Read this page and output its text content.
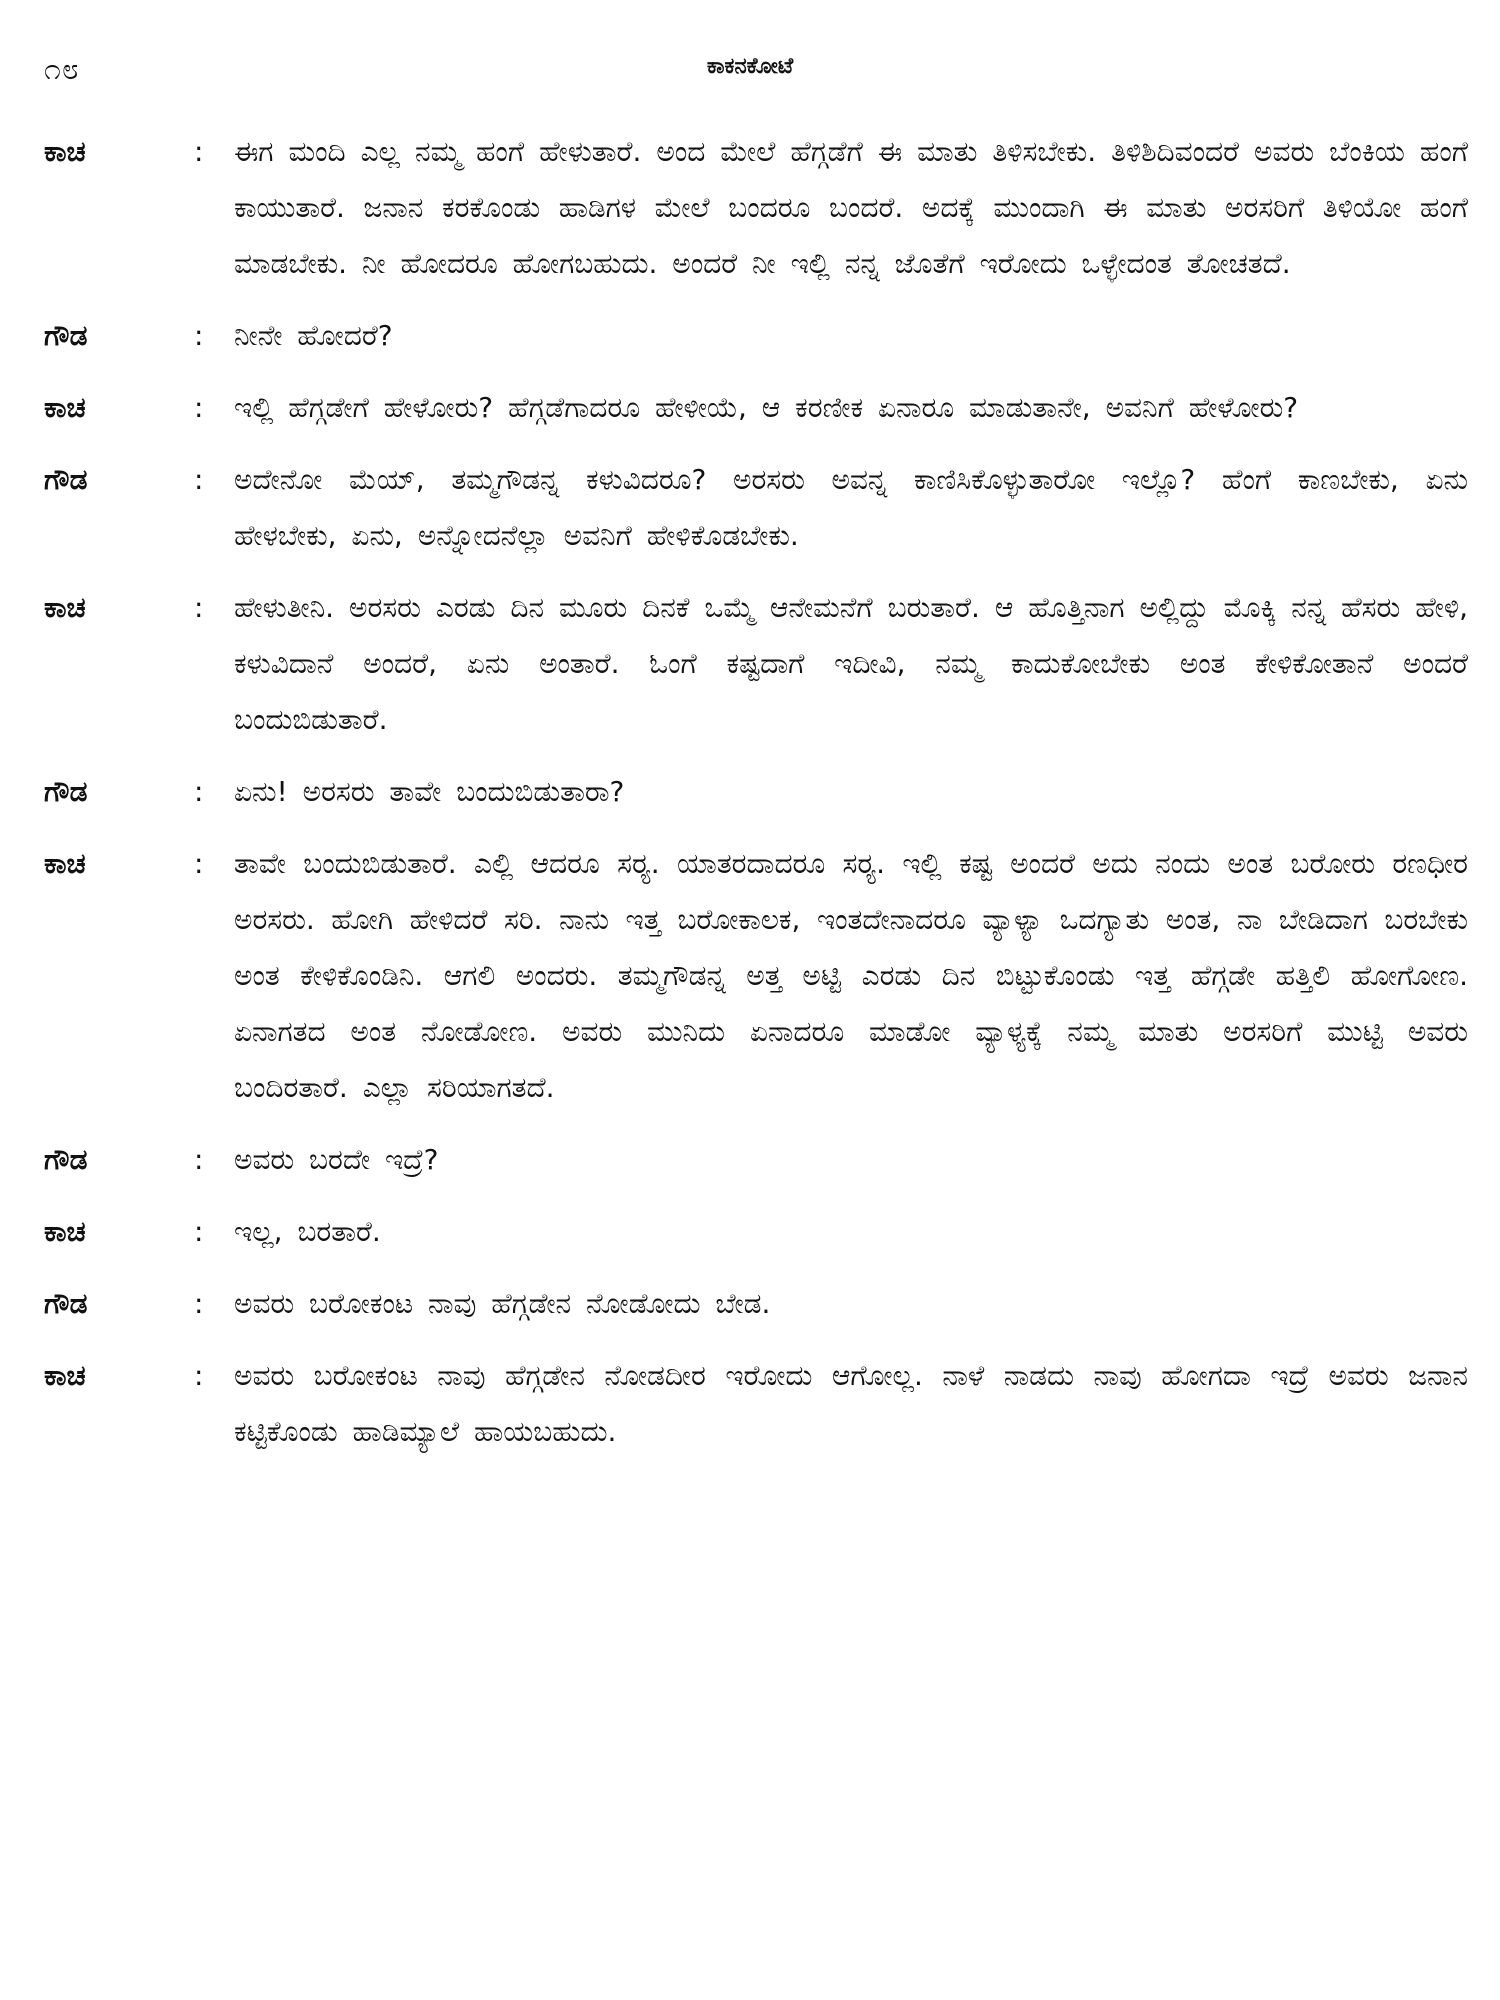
೧೮	ಕಾಕನಕೋಟೆ
ಕಾಚ	:	ಈಗ ಮಂದಿ ಎಲ್ಲ ನಮ್ಮ ಹಂಗೆ ಹೇಳುತಾರೆ. ಅಂದ ಮೇಲೆ ಹೆಗ್ಗಡೆಗೆ ಈ ಮಾತು ತಿಳಿಸಬೇಕು. ತಿಳಿಶಿದಿವಂದರೆ ಅವರು ಬೆಂಕಿಯ ಹಂಗೆ ಕಾಯುತಾರೆ. ಜನಾನ ಕರಕೊಂಡು ಹಾಡಿಗಳ ಮೇಲೆ ಬಂದರೂ ಬಂದರೆ. ಅದಕ್ಕೆ ಮುಂದಾಗಿ ಈ ಮಾತು ಅರಸರಿಗೆ ತಿಳಿಯೋ ಹಂಗೆ ಮಾಡಬೇಕು. ನೀ ಹೋದರೂ ಹೋಗಬಹುದು. ಅಂದರೆ ನೀ ಇಲ್ಲಿ ನನ್ನ ಜೊತೆಗೆ ಇರೋದು ಒಳ್ಳೇದಂತ ತೋಚತದೆ.
ಗೌಡ	:	ನೀನೇ ಹೋದರೆ?
ಕಾಚ	:	ಇಲ್ಲಿ ಹೆಗ್ಗಡೇಗೆ ಹೇಳೋರು? ಹೆಗ್ಗಡೆಗಾದರೂ ಹೇಳೀಯೆ, ಆ ಕರಣೀಕ ಏನಾರೂ ಮಾಡುತಾನೇ, ಅವನಿಗೆ ಹೇಳೋರು?
ಗೌಡ	:	ಅದೇನೋ ಮೆಯ್, ತಮ್ಮಗೌಡನ್ನ ಕಳುವಿದರೂ? ಅರಸರು ಅವನ್ನ ಕಾಣಿಸಿಕೊಳ್ಳುತಾರೋ ಇಲ್ಲೊ? ಹೆಂಗೆ ಕಾಣಬೇಕು, ಏನು ಹೇಳಬೇಕು, ಏನು, ಅನ್ನೋದನೆಲ್ಲಾ ಅವನಿಗೆ ಹೇಳಿಕೊಡಬೇಕು.
ಕಾಚ	:	ಹೇಳುತೀನಿ. ಅರಸರು ಎರಡು ದಿನ ಮೂರು ದಿನಕೆ ಒಮ್ಮೆ ಆನೇಮನೆಗೆ ಬರುತಾರೆ. ಆ ಹೊತ್ತಿನಾಗ ಅಲ್ಲಿದ್ದು ಮೊಕ್ಕಿ ನನ್ನ ಹೆಸರು ಹೇಳಿ, ಕಳುವಿದಾನೆ ಅಂದರೆ, ಏನು ಅಂತಾರೆ. ಓಂಗೆ ಕಷ್ಟದಾಗೆ ಇದೀವಿ, ನಮ್ಮ ಕಾದುಕೋಬೇಕು ಅಂತ ಕೇಳಿಕೋತಾನೆ ಅಂದರೆ ಬಂದುಬಿಡುತಾರೆ.
ಗೌಡ	:	ಏನು! ಅರಸರು ತಾವೇ ಬಂದುಬಿಡುತಾರಾ?
ಕಾಚ	:	ತಾವೇ ಬಂದುಬಿಡುತಾರೆ. ಎಲ್ಲಿ ಆದರೂ ಸರ್‍ಯ. ಯಾತರದಾದರೂ ಸರ್‍ಯ. ಇಲ್ಲಿ ಕಷ್ಟ ಅಂದರೆ ಅದು ನಂದು ಅಂತ ಬರೋರು ರಣಧೀರ ಅರಸರು. ಹೋಗಿ ಹೇಳಿದರೆ ಸರಿ. ನಾನು ಇತ್ತ ಬರೋಕಾಲಕ, ಇಂತದೇನಾದರೂ ವ್ಯಾಳ್ಯಾ ಒದಗ್ಯಾತು ಅಂತ, ನಾ ಬೇಡಿದಾಗ ಬರಬೇಕು ಅಂತ ಕೇಳಿಕೊಂಡಿನಿ. ಆಗಲಿ ಅಂದರು. ತಮ್ಮಗೌಡನ್ನ ಅತ್ತ ಅಟ್ಟಿ ಎರಡು ದಿನ ಬಿಟ್ಟುಕೊಂಡು ಇತ್ತ ಹೆಗ್ಗಡೇ ಹತ್ತಿಲಿ ಹೋಗೋಣ. ಏನಾಗತದ ಅಂತ ನೋಡೋಣ. ಅವರು ಮುನಿದು ಏನಾದರೂ ಮಾಡೋ ವ್ಯಾಳ್ಯಕ್ಕೆ ನಮ್ಮ ಮಾತು ಅರಸರಿಗೆ ಮುಟ್ಟಿ ಅವರು ಬಂದಿರತಾರೆ. ಎಲ್ಲಾ ಸರಿಯಾಗತದೆ.
ಗೌಡ	:	ಅವರು ಬರದೇ ಇದ್ರೆ?
ಕಾಚ	:	ಇಲ್ಲ, ಬರತಾರೆ.
ಗೌಡ	:	ಅವರು ಬರೋಕಂಟ ನಾವು ಹೆಗ್ಗಡೇನ ನೋಡೋದು ಬೇಡ.
ಕಾಚ	:	ಅವರು ಬರೋಕಂಟ ನಾವು ಹೆಗ್ಗಡೇನ ನೋಡದೀರ ಇರೋದು ಆಗೋಲ್ಲ. ನಾಳೆ ನಾಡದು ನಾವು ಹೋಗದಾ ಇದ್ರೆ ಅವರು ಜನಾನ ಕಟ್ಟಿಕೊಂಡು ಹಾಡಿಮ್ಯಾಲೆ ಹಾಯಬಹುದು.
